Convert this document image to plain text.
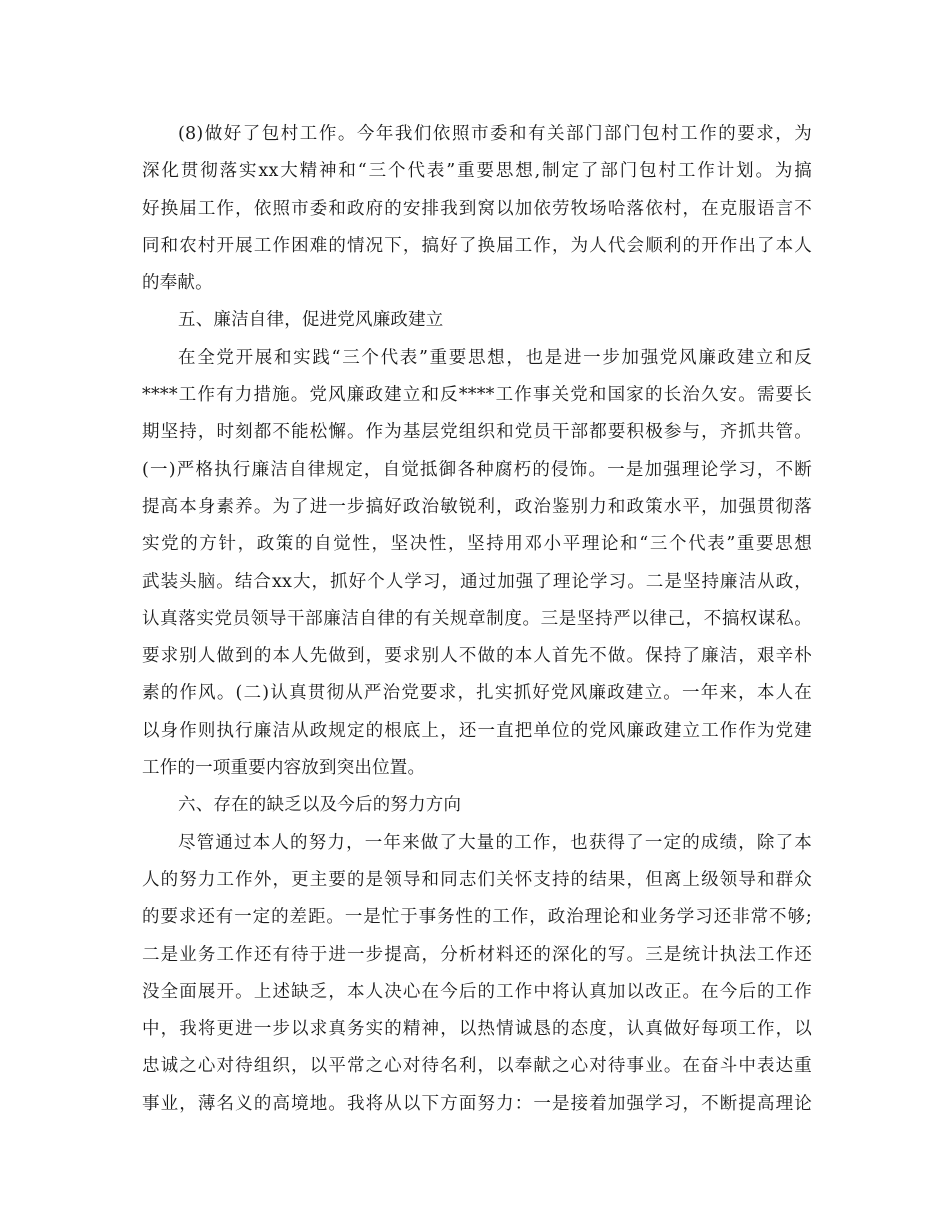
(8)做好了包村工作。今年我们依照市委和有关部门部门包村工作的要求，为
深化贯彻落实xx大精神和“三个代表”重要思想,制定了部门包村工作计划。为搞
好换届工作，依照市委和政府的安排我到窝以加依劳牧场哈落依村，在克服语言不
同和农村开展工作困难的情况下，搞好了换届工作，为人代会顺利的开作出了本人
的奉献。
五、廉洁自律，促进党风廉政建立
在全党开展和实践“三个代表”重要思想，也是进一步加强党风廉政建立和反
****工作有力措施。党风廉政建立和反****工作事关党和国家的长治久安。需要长
期坚持，时刻都不能松懈。作为基层党组织和党员干部都要积极参与，齐抓共管。
(一)严格执行廉洁自律规定，自觉抵御各种腐朽的侵饰。一是加强理论学习，不断
提高本身素养。为了进一步搞好政治敏锐利，政治鉴别力和政策水平，加强贯彻落
实党的方针，政策的自觉性，坚决性，坚持用邓小平理论和“三个代表”重要思想
武装头脑。结合xx大，抓好个人学习，通过加强了理论学习。二是坚持廉洁从政，
认真落实党员领导干部廉洁自律的有关规章制度。三是坚持严以律己，不搞权谋私。
要求别人做到的本人先做到，要求别人不做的本人首先不做。保持了廉洁，艰辛朴
素的作风。(二)认真贯彻从严治党要求，扎实抓好党风廉政建立。一年来，本人在
以身作则执行廉洁从政规定的根底上，还一直把单位的党风廉政建立工作作为党建
工作的一项重要内容放到突出位置。
六、存在的缺乏以及今后的努力方向
尽管通过本人的努力，一年来做了大量的工作，也获得了一定的成绩，除了本
人的努力工作外，更主要的是领导和同志们关怀支持的结果，但离上级领导和群众
的要求还有一定的差距。一是忙于事务性的工作，政治理论和业务学习还非常不够;
二是业务工作还有待于进一步提高，分析材料还的深化的写。三是统计执法工作还
没全面展开。上述缺乏，本人决心在今后的工作中将认真加以改正。在今后的工作
中，我将更进一步以求真务实的精神，以热情诚恳的态度，认真做好每项工作，以
忠诚之心对待组织，以平常之心对待名利，以奉献之心对待事业。在奋斗中表达重
事业，薄名义的高境地。我将从以下方面努力：一是接着加强学习，不断提高理论
